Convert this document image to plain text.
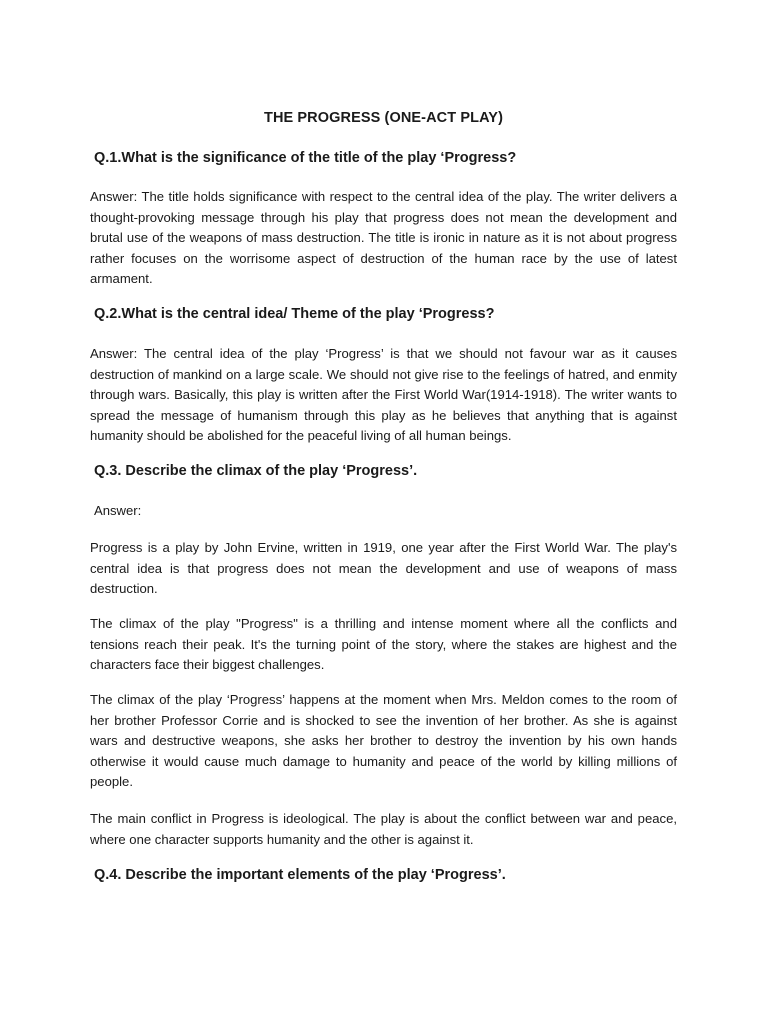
THE PROGRESS (ONE-ACT PLAY)
Q.1.What is the significance of the title of the play ‘Progress?

Answer: The title holds significance with respect to the central idea of the play. The writer delivers a thought-provoking message through his play that progress does not mean the development and brutal use of the weapons of mass destruction. The title is ironic in nature as it is not about progress rather focuses on the worrisome aspect of destruction of the human race by the use of latest armament.

Q.2.What is the central idea/ Theme of the play ‘Progress?

Answer: The central idea of the play ‘Progress’ is that we should not favour war as it causes destruction of mankind on a large scale. We should not give rise to the feelings of hatred, and enmity through wars. Basically, this play is written after the First World War(1914-1918). The writer wants to spread the message of humanism through this play as he believes that anything that is against humanity should be abolished for the peaceful living of all human beings.

Q.3. Describe the climax of the play ‘Progress’.

Answer:

Progress is a play by John Ervine, written in 1919, one year after the First World War. The play's central idea is that progress does not mean the development and use of weapons of mass destruction.

The climax of the play "Progress" is a thrilling and intense moment where all the conflicts and tensions reach their peak. It's the turning point of the story, where the stakes are highest and the characters face their biggest challenges.

The climax of the play ‘Progress’ happens at the moment when Mrs. Meldon comes to the room of her brother Professor Corrie and is shocked to see the invention of her brother. As she is against wars and destructive weapons, she asks her brother to destroy the invention by his own hands otherwise it would cause much damage to humanity and peace of the world by killing millions of people.

The main conflict in Progress is ideological. The play is about the conflict between war and peace, where one character supports humanity and the other is against it.

Q.4. Describe the important elements of the play ‘Progress’.
